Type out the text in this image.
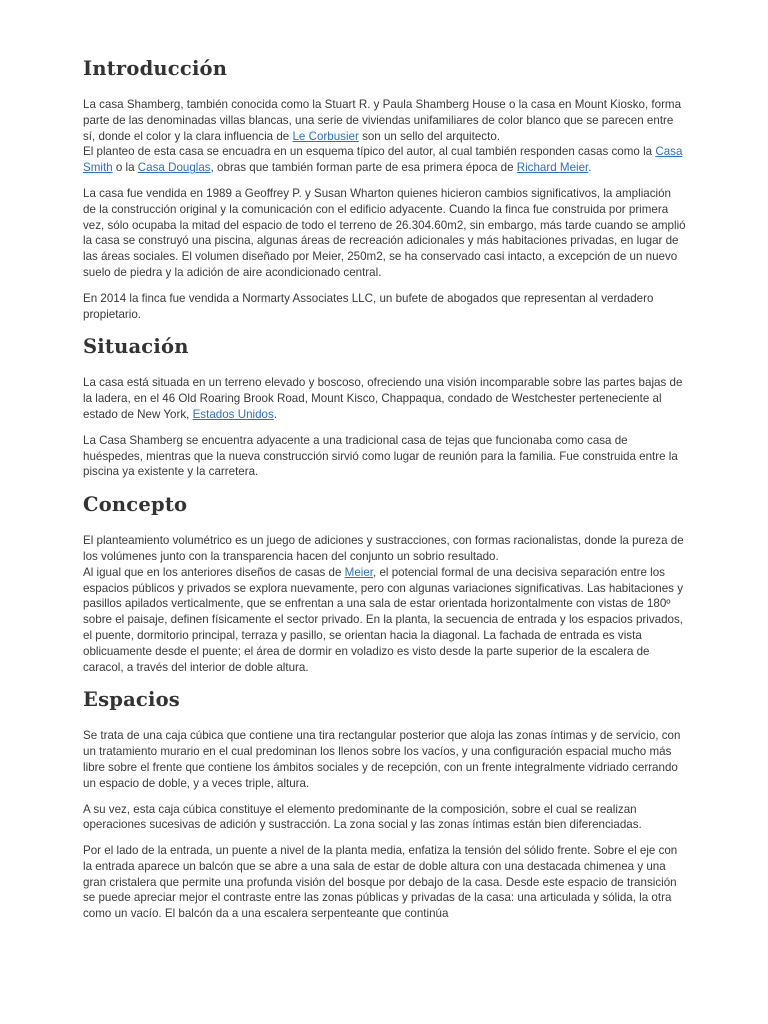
Introducción

La casa Shamberg, también conocida como la Stuart R. y Paula Shamberg House o la casa en Mount Kiosko, forma parte de las denominadas villas blancas, una serie de viviendas unifamiliares de color blanco que se parecen entre sí, donde el color y la clara influencia de Le Corbusier son un sello del arquitecto.

El planteo de esta casa se encuadra en un esquema típico del autor, al cual también responden casas como la Casa Smith o la Casa Douglas, obras que también forman parte de esa primera época de Richard Meier.

La casa fue vendida en 1989 a Geoffrey P. y Susan Wharton quienes hicieron cambios significativos, la ampliación de la construcción original y la comunicación con el edificio adyacente. Cuando la finca fue construida por primera vez, sólo ocupaba la mitad del espacio de todo el terreno de 26.304.60m2, sin embargo, más tarde cuando se amplió la casa se construyó una piscina, algunas áreas de recreación adicionales y más habitaciones privadas, en lugar de las áreas sociales. El volumen diseñado por Meier, 250m2, se ha conservado casi intacto, a excepción de un nuevo suelo de piedra y la adición de aire acondicionado central.

En 2014 la finca fue vendida a Normarty Associates LLC, un bufete de abogados que representan al verdadero propietario.

Situación

La casa está situada en un terreno elevado y boscoso, ofreciendo una visión incomparable sobre las partes bajas de la ladera, en el 46 Old Roaring Brook Road, Mount Kisco, Chappaqua, condado de Westchester perteneciente al estado de New York, Estados Unidos.

La Casa Shamberg se encuentra adyacente a una tradicional casa de tejas que funcionaba como casa de huéspedes, mientras que la nueva construcción sirvió como lugar de reunión para la familia. Fue construida entre la piscina ya existente y la carretera.

Concepto

El planteamiento volumétrico es un juego de adiciones y sustracciones, con formas racionalistas, donde la pureza de los volúmenes junto con la transparencia hacen del conjunto un sobrio resultado.

Al igual que en los anteriores diseños de casas de Meier, el potencial formal de una decisiva separación entre los espacios públicos y privados se explora nuevamente, pero con algunas variaciones significativas. Las habitaciones y pasillos apilados verticalmente, que se enfrentan a una sala de estar orientada horizontalmente con vistas de 180º sobre el paisaje, definen físicamente el sector privado. En la planta, la secuencia de entrada y los espacios privados, el puente, dormitorio principal, terraza y pasillo, se orientan hacia la diagonal. La fachada de entrada es vista oblicuamente desde el puente; el área de dormir en voladizo es visto desde la parte superior de la escalera de caracol, a través del interior de doble altura.

Espacios

Se trata de una caja cúbica que contiene una tira rectangular posterior que aloja las zonas íntimas y de servicio, con un tratamiento murario en el cual predominan los llenos sobre los vacíos, y una configuración espacial mucho más libre sobre el frente que contiene los ámbitos sociales y de recepción, con un frente integralmente vidriado cerrando un espacio de doble, y a veces triple, altura.

A su vez, esta caja cúbica constituye el elemento predominante de la composición, sobre el cual se realizan operaciones sucesivas de adición y sustracción. La zona social y las zonas íntimas están bien diferenciadas.

Por el lado de la entrada, un puente a nivel de la planta media, enfatiza la tensión del sólido frente. Sobre el eje con la entrada aparece un balcón que se abre a una sala de estar de doble altura con una destacada chimenea y una gran cristalera que permite una profunda visión del bosque por debajo de la casa. Desde este espacio de transición se puede apreciar mejor el contraste entre las zonas públicas y privadas de la casa: una articulada y sólida, la otra como un vacío. El balcón da a una escalera serpenteante que continúa
